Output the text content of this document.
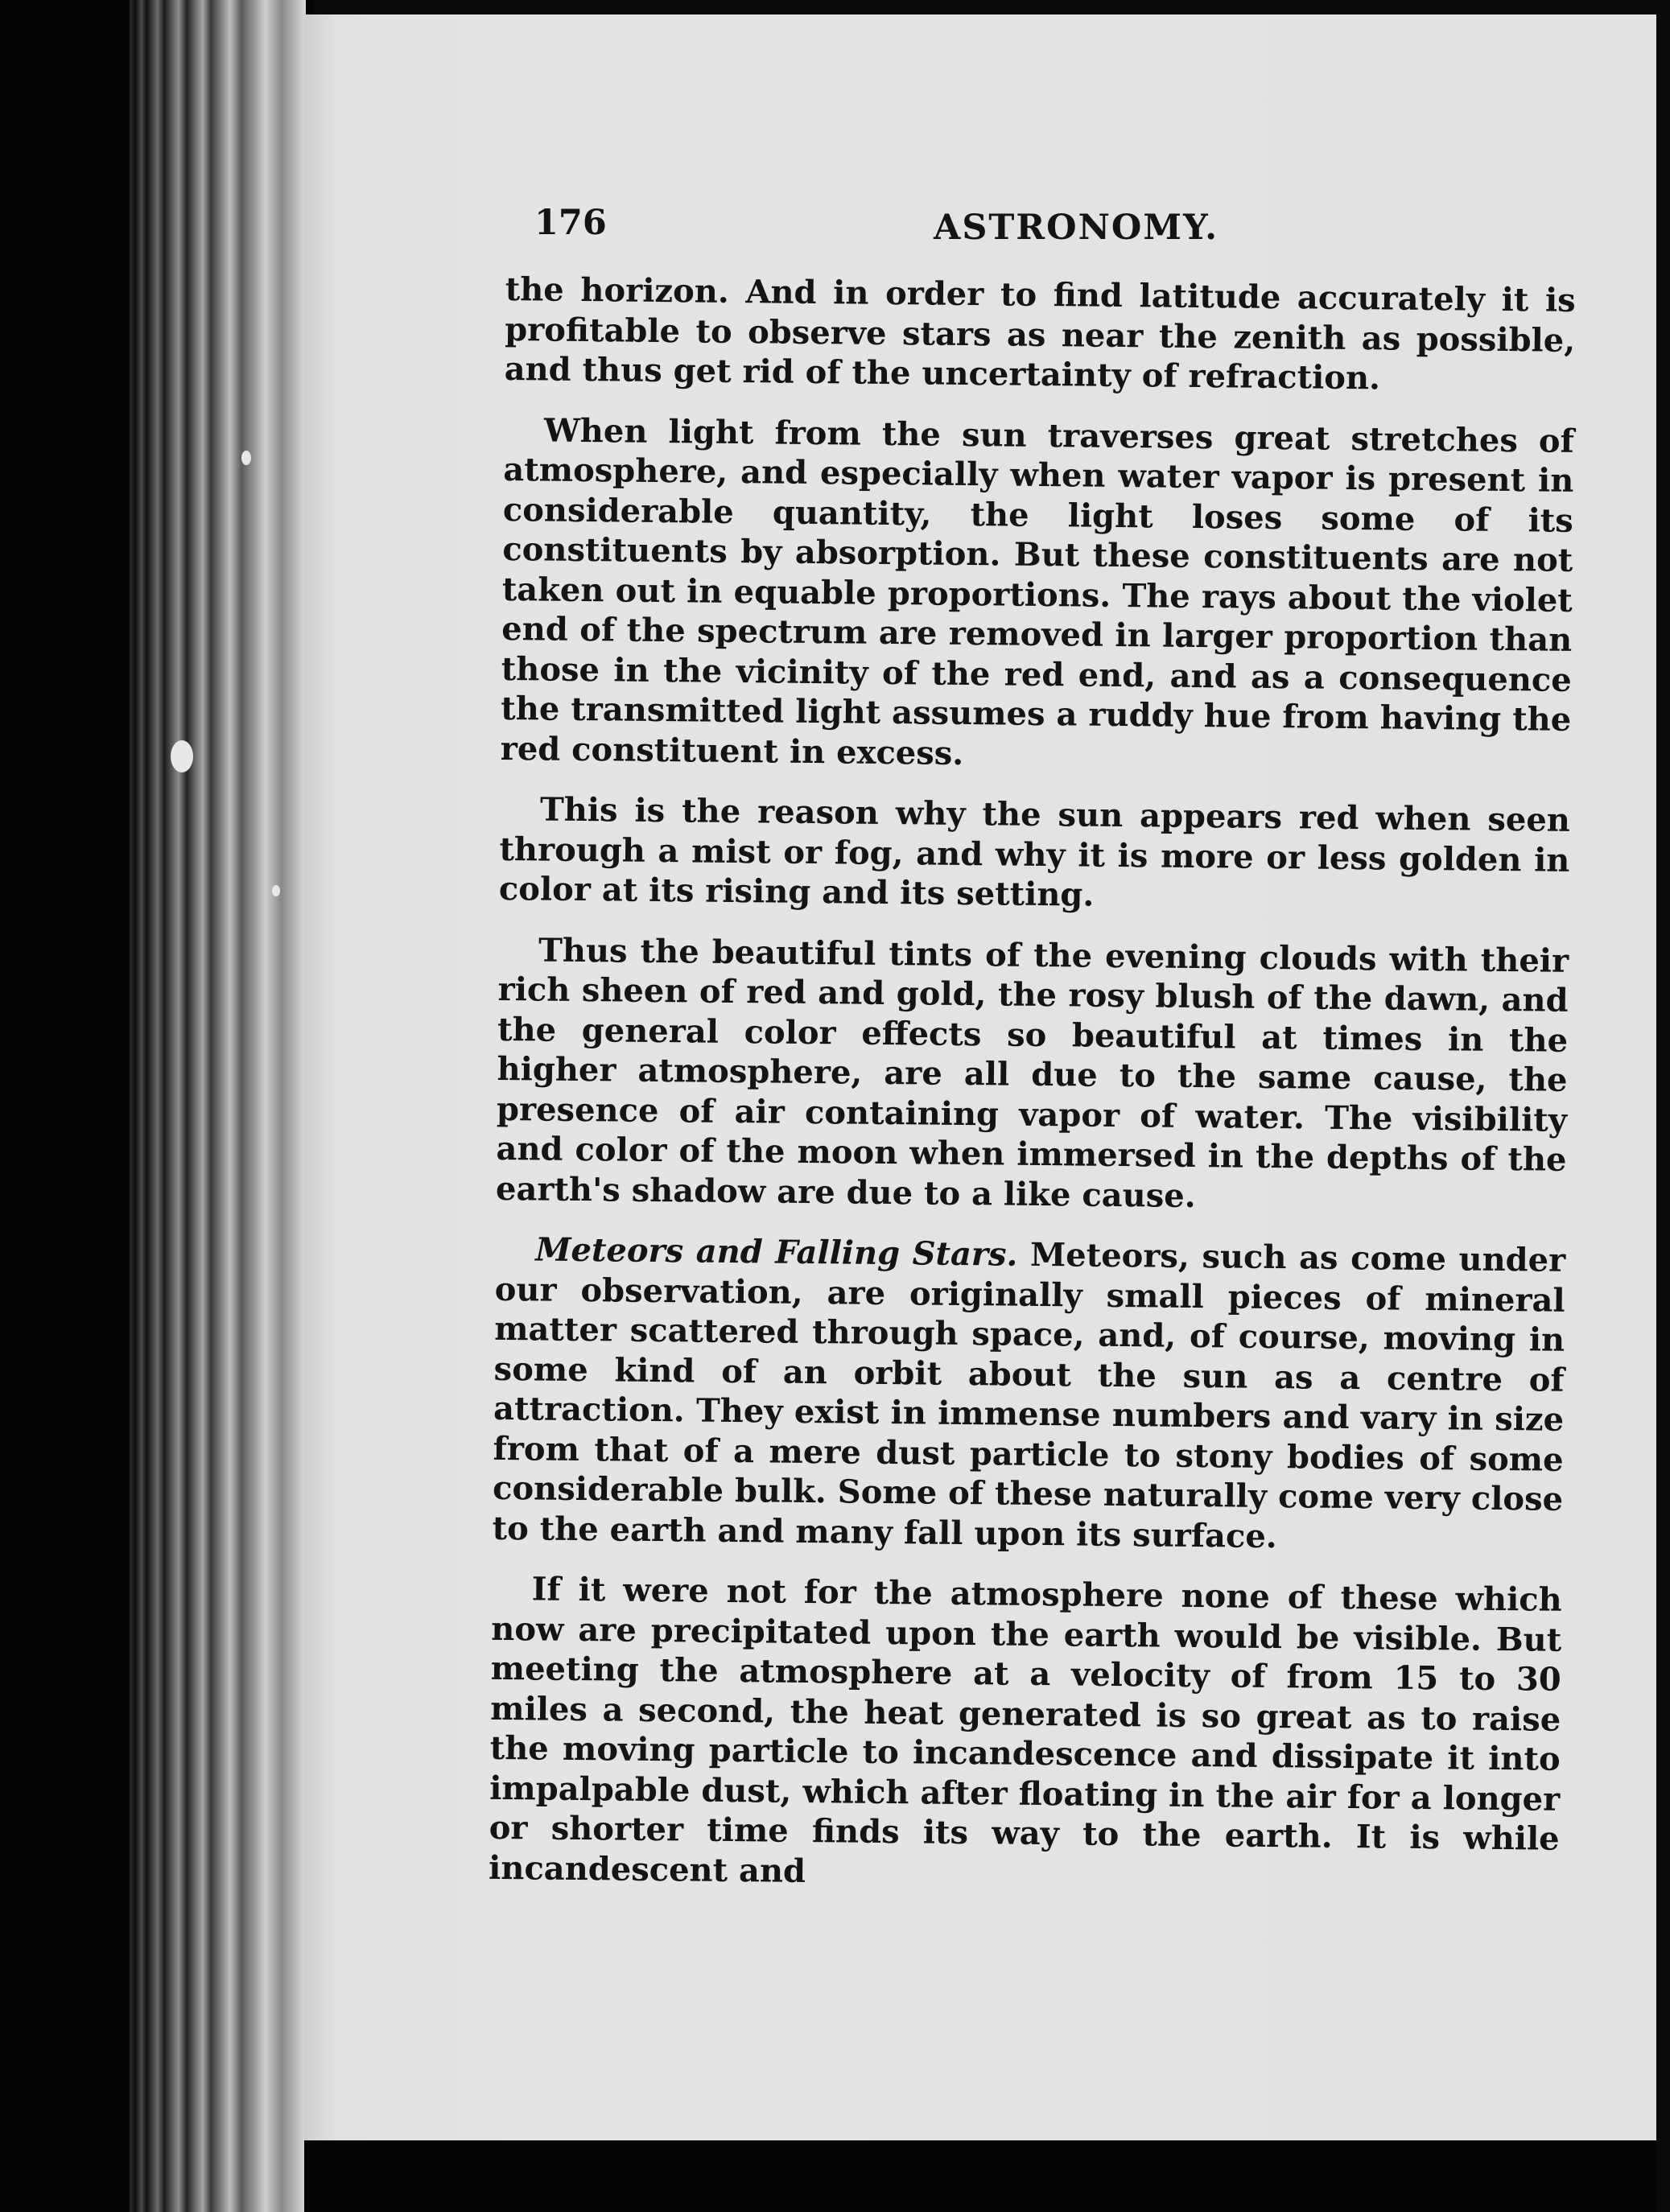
176	ASTRONOMY.

the horizon. And in order to find latitude accurately it is profitable to observe stars as near the zenith as possible, and thus get rid of the uncertainty of refraction.

When light from the sun traverses great stretches of atmosphere, and especially when water vapor is present in considerable quantity, the light loses some of its constituents by absorption. But these constituents are not taken out in equable proportions. The rays about the violet end of the spectrum are removed in larger proportion than those in the vicinity of the red end, and as a consequence the transmitted light assumes a ruddy hue from having the red constituent in excess.

This is the reason why the sun appears red when seen through a mist or fog, and why it is more or less golden in color at its rising and its setting.

Thus the beautiful tints of the evening clouds with their rich sheen of red and gold, the rosy blush of the dawn, and the general color effects so beautiful at times in the higher atmosphere, are all due to the same cause, the presence of air containing vapor of water. The visibility and color of the moon when immersed in the depths of the earth's shadow are due to a like cause.

Meteors and Falling Stars. Meteors, such as come under our observation, are originally small pieces of mineral matter scattered through space, and, of course, moving in some kind of an orbit about the sun as a centre of attraction. They exist in immense numbers and vary in size from that of a mere dust particle to stony bodies of some considerable bulk. Some of these naturally come very close to the earth and many fall upon its surface.

If it were not for the atmosphere none of these which now are precipitated upon the earth would be visible. But meeting the atmosphere at a velocity of from 15 to 30 miles a second, the heat generated is so great as to raise the moving particle to incandescence and dissipate it into impalpable dust, which after floating in the air for a longer or shorter time finds its way to the earth. It is while incandescent and
